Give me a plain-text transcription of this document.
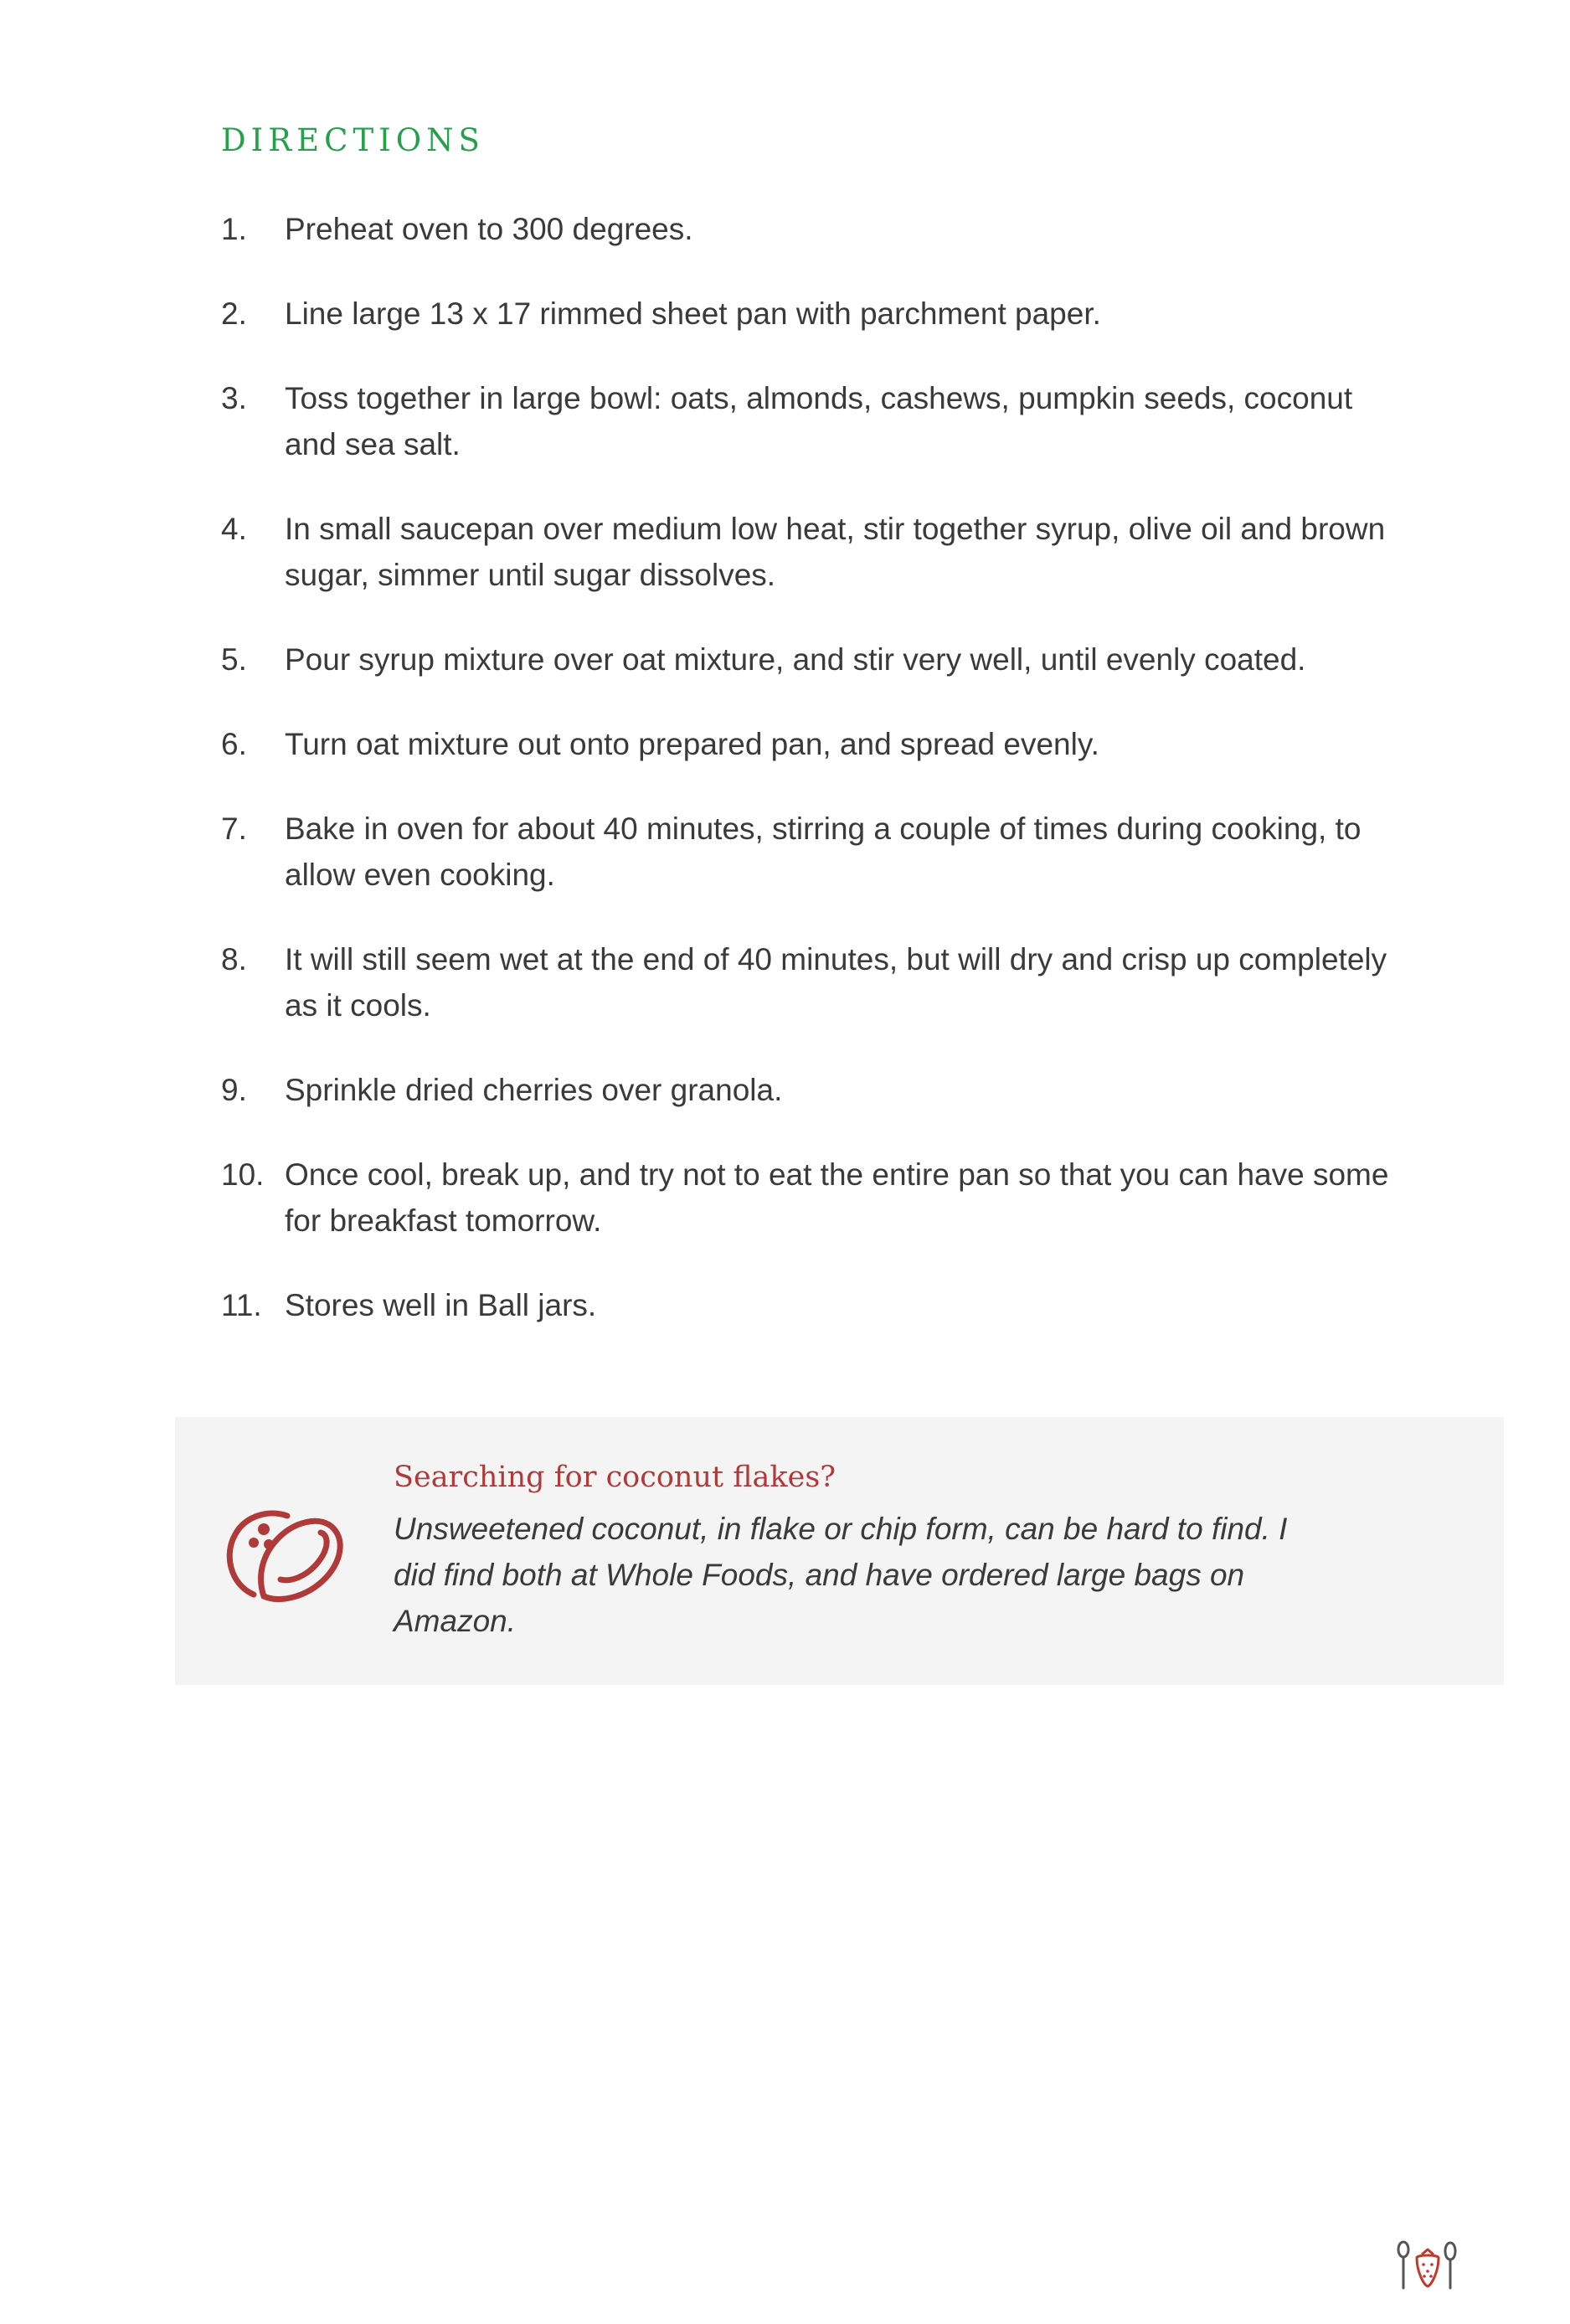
DIRECTIONS
1. Preheat oven to 300 degrees.
2. Line large 13 x 17 rimmed sheet pan with parchment paper.
3. Toss together in large bowl: oats, almonds, cashews, pumpkin seeds, coconut and sea salt.
4. In small saucepan over medium low heat, stir together syrup, olive oil and brown sugar, simmer until sugar dissolves.
5. Pour syrup mixture over oat mixture, and stir very well, until evenly coated.
6. Turn oat mixture out onto prepared pan, and spread evenly.
7. Bake in oven for about 40 minutes, stirring a couple of times during cooking, to allow even cooking.
8. It will still seem wet at the end of 40 minutes, but will dry and crisp up completely as it cools.
9. Sprinkle dried cherries over granola.
10. Once cool, break up, and try not to eat the entire pan so that you can have some for breakfast tomorrow.
11. Stores well in Ball jars.
Searching for coconut flakes?

Unsweetened coconut, in flake or chip form, can be hard to find. I did find both at Whole Foods, and have ordered large bags on Amazon.
